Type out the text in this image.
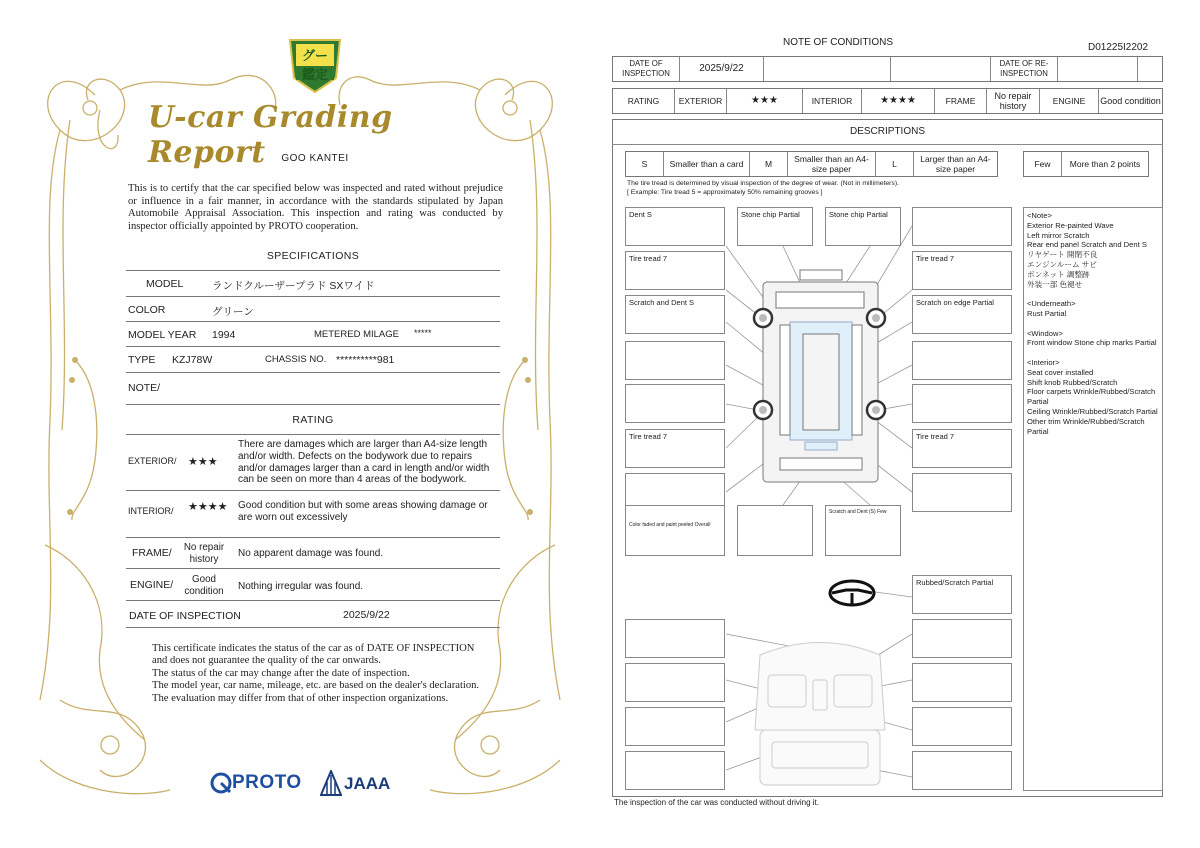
グー鑑定
U-car Grading Report	GOO KANTEI
This is to certify that the car specified below was inspected and rated without prejudice or influence in a fair manner, in accordance with the standards stipulated by Japan Automobile Appraisal Association. This inspection and rating was conducted by inspector officially appointed by PROTO cooperation.
SPECIFICATIONS
MODEL	ランドクルーザープラド SXワイド
COLOR	グリーン
MODEL YEAR 1994	METERED MILAGE *****
TYPE KZJ78W	CHASSIS NO. **********981
NOTE/
RATING
EXTERIOR/ ★★★
There are damages which are larger than A4-size length and/or width. Defects on the bodywork due to repairs and/or damages larger than a card in length and/or width can be seen on more than 4 areas of the bodywork.
INTERIOR/ ★★★★ Good condition but with some areas showing damage or are worn out excessively
FRAME/	No repair history	No apparent damage was found.
ENGINE/	Good condition	Nothing irregular was found.
DATE OF INSPECTION	2025/9/22
This certificate indicates the status of the car as of DATE OF INSPECTION and does not guarantee the quality of the car onwards.
The status of the car may change after the date of inspection.
The model year, car name, mileage, etc. are based on the dealer's declaration.
The evaluation may differ from that of other inspection organizations.
PROTO JAAA
NOTE OF CONDITIONS	D01225I2202
DATE OF INSPECTION	2025/9/22	DATE OF RE-INSPECTION
RATING	EXTERIOR	★★★	INTERIOR	★★★★	FRAME	No repair history	ENGINE	Good condition
DESCRIPTIONS
S	Smaller than a card	M	Smaller than an A4-size paper	L	Larger than an A4-size paper	Few	More than 2 points
The tire tread is determined by visual inspection of the degree of wear. (Not in millimeters).
[ Example: Tire tread 5 = approximately 50% remaining grooves ]
Dent S	Stone chip Partial	Stone chip Partial
Tire tread 7	Tire tread 7
Scratch and Dent S	Scratch on edge Partial
Tire tread 7	Tire tread 7
Color faded and paint peeled Overall
Scratch and Dent (S) Few
Rubbed/Scratch Partial
<Note>
Exterior Re-painted Wave
Left mirror Scratch
Rear end panel Scratch and Dent S
リヤゲート 開閉不良
エンジンルーム サビ
ボンネット 調整跡
外装一部 色褪せ

<Underneath>
Rust Partial

<Window>
Front window Stone chip marks Partial

<Interior>
Seat cover installed
Shift knob Rubbed/Scratch
Floor carpets Wrinkle/Rubbed/Scratch Partial
Ceiling Wrinkle/Rubbed/Scratch Partial
Other trim Wrinkle/Rubbed/Scratch Partial
The inspection of the car was conducted without driving it.
